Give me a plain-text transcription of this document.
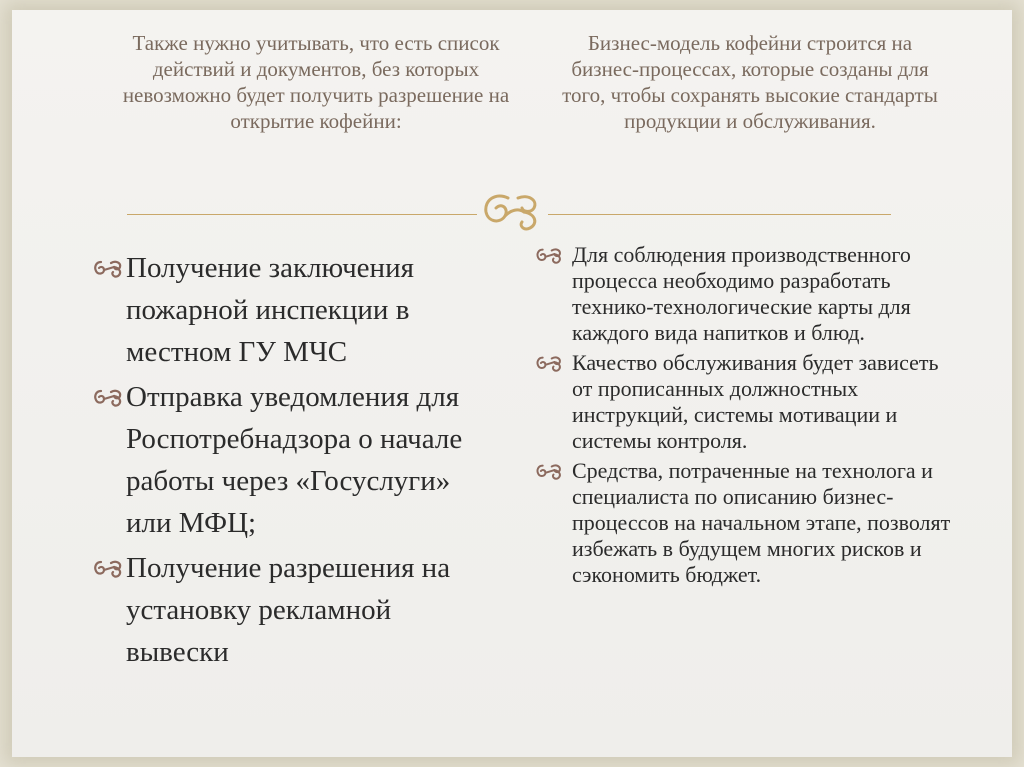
Также нужно учитывать, что есть список действий и документов, без которых невозможно будет получить разрешение на открытие кофейни:

Бизнес-модель кофейни строится на бизнес-процессах, которые созданы для того, чтобы сохранять высокие стандарты продукции и обслуживания.

Получение заключения пожарной инспекции в местном ГУ МЧС
Отправка уведомления для Роспотребнадзора о начале работы через «Госуслуги» или МФЦ;
Получение разрешения на установку рекламной вывески
Для соблюдения производственного процесса необходимо разработать технико-технологические карты для каждого вида напитков и блюд.
Качество обслуживания будет зависеть от прописанных должностных инструкций, системы мотивации и системы контроля.
Средства, потраченные на технолога и специалиста по описанию бизнес-процессов на начальном этапе, позволят избежать в будущем многих рисков и сэкономить бюджет.
